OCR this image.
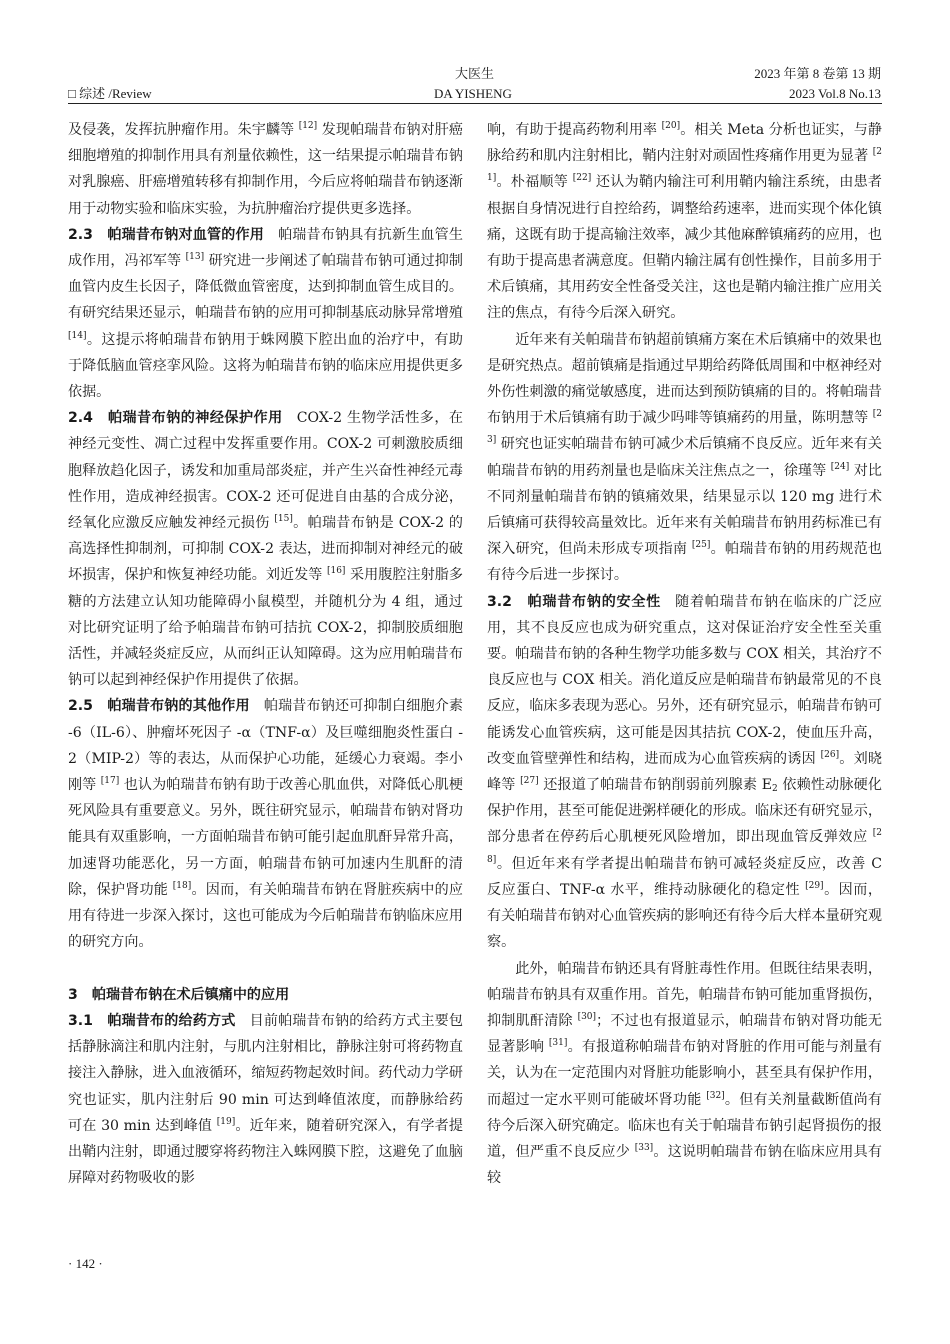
大医生
DA YISHENG
2023 年第 8 卷第 13 期
2023 Vol.8 No.13
□ 综述 /Review

及侵袭，发挥抗肿瘤作用。朱宇麟等 [12] 发现帕瑞昔布钠对肝癌细胞增殖的抑制作用具有剂量依赖性，这一结果提示帕瑞昔布钠对乳腺癌、肝癌增殖转移有抑制作用，今后应将帕瑞昔布钠逐渐用于动物实验和临床实验，为抗肿瘤治疗提供更多选择。

2.3　帕瑞昔布钠对血管的作用 帕瑞昔布钠具有抗新生血管生成作用，冯祁军等 [13] 研究进一步阐述了帕瑞昔布钠可通过抑制血管内皮生长因子，降低微血管密度，达到抑制血管生成目的。有研究结果还显示，帕瑞昔布钠的应用可抑制基底动脉异常增殖 [14]。这提示将帕瑞昔布钠用于蛛网膜下腔出血的治疗中，有助于降低脑血管痉挛风险。这将为帕瑞昔布钠的临床应用提供更多依据。

2.4　帕瑞昔布钠的神经保护作用 COX-2 生物学活性多，在神经元变性、凋亡过程中发挥重要作用。COX-2 可刺激胶质细胞释放趋化因子，诱发和加重局部炎症，并产生兴奋性神经元毒性作用，造成神经损害。COX-2 还可促进自由基的合成分泌，经氧化应激反应触发神经元损伤 [15]。帕瑞昔布钠是 COX-2 的高选择性抑制剂，可抑制 COX-2 表达，进而抑制对神经元的破坏损害，保护和恢复神经功能。刘近发等 [16] 采用腹腔注射脂多糖的方法建立认知功能障碍小鼠模型，并随机分为 4 组，通过对比研究证明了给予帕瑞昔布钠可拮抗 COX-2，抑制胶质细胞活性，并减轻炎症反应，从而纠正认知障碍。这为应用帕瑞昔布钠可以起到神经保护作用提供了依据。

2.5　帕瑞昔布钠的其他作用 帕瑞昔布钠还可抑制白细胞介素 -6（IL-6）、肿瘤坏死因子 -α（TNF-α）及巨噬细胞炎性蛋白 -2（MIP-2）等的表达，从而保护心功能，延缓心力衰竭。李小刚等 [17] 也认为帕瑞昔布钠有助于改善心肌血供，对降低心肌梗死风险具有重要意义。另外，既往研究显示，帕瑞昔布钠对肾功能具有双重影响，一方面帕瑞昔布钠可能引起血肌酐异常升高，加速肾功能恶化，另一方面，帕瑞昔布钠可加速内生肌酐的清除，保护肾功能 [18]。因而，有关帕瑞昔布钠在肾脏疾病中的应用有待进一步深入探讨，这也可能成为今后帕瑞昔布钠临床应用的研究方向。

3　帕瑞昔布钠在术后镇痛中的应用

3.1　帕瑞昔布的给药方式 目前帕瑞昔布钠的给药方式主要包括静脉滴注和肌内注射，与肌内注射相比，静脉注射可将药物直接注入静脉，进入血液循环，缩短药物起效时间。药代动力学研究也证实，肌内注射后 90 min 可达到峰值浓度，而静脉给药可在 30 min 达到峰值 [19]。近年来，随着研究深入，有学者提出鞘内注射，即通过腰穿将药物注入蛛网膜下腔，这避免了血脑屏障对药物吸收的影

响，有助于提高药物利用率 [20]。相关 Meta 分析也证实，与静脉给药和肌内注射相比，鞘内注射对顽固性疼痛作用更为显著 [21]。朴福顺等 [22] 还认为鞘内输注可利用鞘内输注系统，由患者根据自身情况进行自控给药，调整给药速率，进而实现个体化镇痛，这既有助于提高输注效率，减少其他麻醉镇痛药的应用，也有助于提高患者满意度。但鞘内输注属有创性操作，目前多用于术后镇痛，其用药安全性备受关注，这也是鞘内输注推广应用关注的焦点，有待今后深入研究。

近年来有关帕瑞昔布钠超前镇痛方案在术后镇痛中的效果也是研究热点。超前镇痛是指通过早期给药降低周围和中枢神经对外伤性刺激的痛觉敏感度，进而达到预防镇痛的目的。将帕瑞昔布钠用于术后镇痛有助于减少吗啡等镇痛药的用量，陈明慧等 [23] 研究也证实帕瑞昔布钠可减少术后镇痛不良反应。近年来有关帕瑞昔布钠的用药剂量也是临床关注焦点之一，徐瑾等 [24] 对比不同剂量帕瑞昔布钠的镇痛效果，结果显示以 120 mg 进行术后镇痛可获得较高量效比。近年来有关帕瑞昔布钠用药标准已有深入研究，但尚未形成专项指南 [25]。帕瑞昔布钠的用药规范也有待今后进一步探讨。

3.2　帕瑞昔布钠的安全性 随着帕瑞昔布钠在临床的广泛应用，其不良反应也成为研究重点，这对保证治疗安全性至关重要。帕瑞昔布钠的各种生物学功能多数与 COX 相关，其治疗不良反应也与 COX 相关。消化道反应是帕瑞昔布钠最常见的不良反应，临床多表现为恶心。另外，还有研究显示，帕瑞昔布钠可能诱发心血管疾病，这可能是因其拮抗 COX-2，使血压升高，改变血管壁弹性和结构，进而成为心血管疾病的诱因 [26]。刘晓峰等 [27] 还报道了帕瑞昔布钠削弱前列腺素 $E_2$ 依赖性动脉硬化保护作用，甚至可能促进粥样硬化的形成。临床还有研究显示，部分患者在停药后心肌梗死风险增加，即出现血管反弹效应 [28]。但近年来有学者提出帕瑞昔布钠可减轻炎症反应，改善 C 反应蛋白、TNF-α 水平，维持动脉硬化的稳定性 [29]。因而，有关帕瑞昔布钠对心血管疾病的影响还有待今后大样本量研究观察。

此外，帕瑞昔布钠还具有肾脏毒性作用。但既往结果表明，帕瑞昔布钠具有双重作用。首先，帕瑞昔布钠可能加重肾损伤，抑制肌酐清除 [30]；不过也有报道显示，帕瑞昔布钠对肾功能无显著影响 [31]。有报道称帕瑞昔布钠对肾脏的作用可能与剂量有关，认为在一定范围内对肾脏功能影响小，甚至具有保护作用，而超过一定水平则可能破坏肾功能 [32]。但有关剂量截断值尚有待今后深入研究确定。临床也有关于帕瑞昔布钠引起肾损伤的报道，但严重不良反应少 [33]。这说明帕瑞昔布钠在临床应用具有较

· 142 ·
